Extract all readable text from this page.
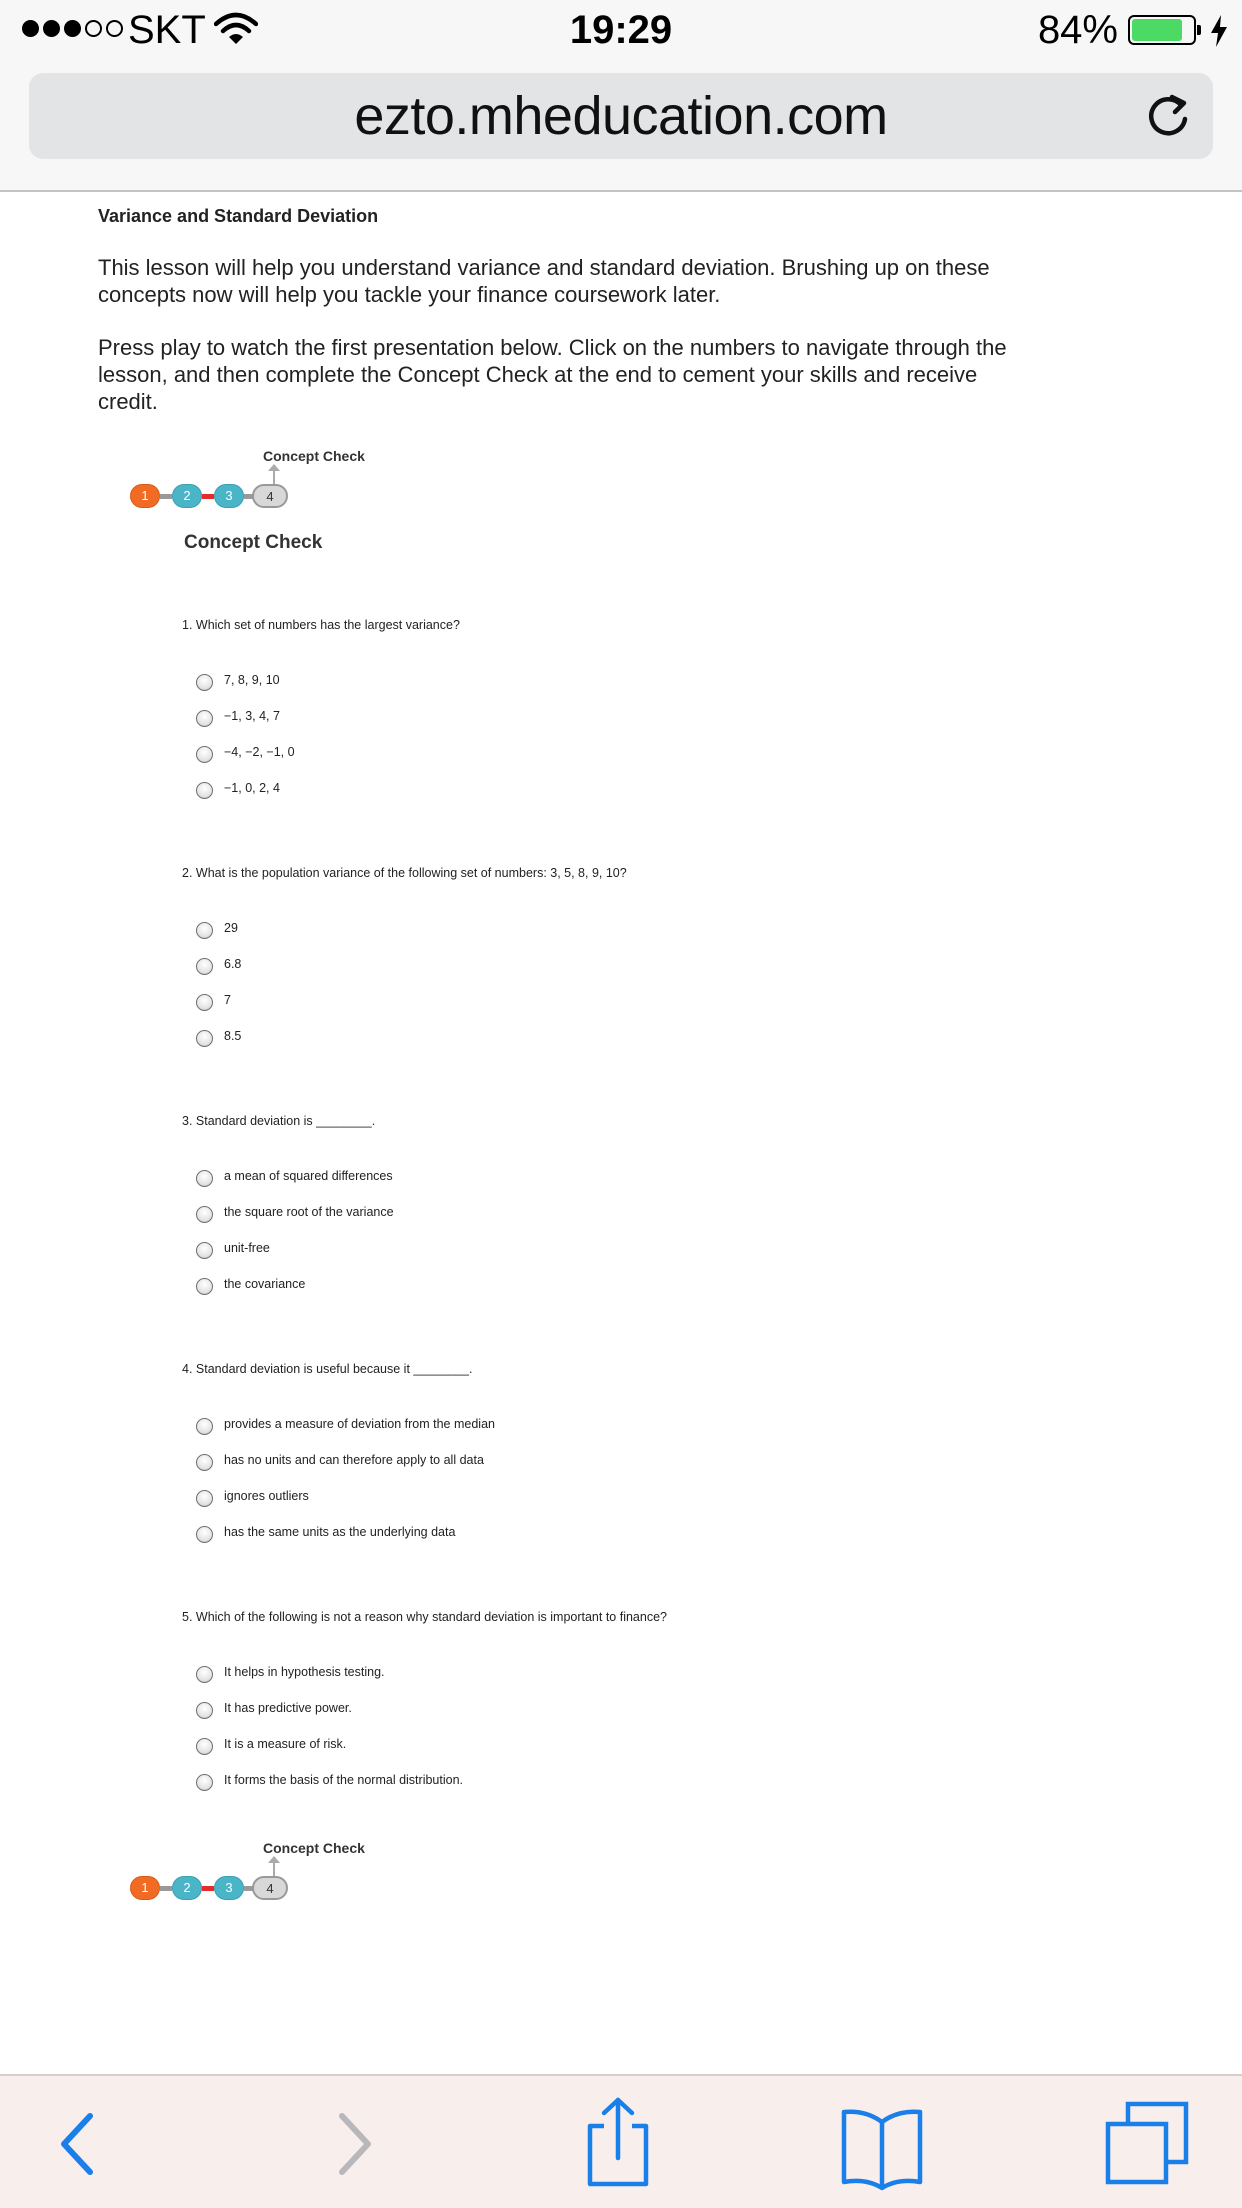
SKT	19:29	84%
ezto.mheducation.com
Variance and Standard Deviation

This lesson will help you understand variance and standard deviation. Brushing up on these concepts now will help you tackle your finance coursework later.

Press play to watch the first presentation below. Click on the numbers to navigate through the lesson, and then complete the Concept Check at the end to cement your skills and receive credit.

Concept Check
1	2	3	4
Concept Check
1. Which set of numbers has the largest variance?
7, 8, 9, 10
−1, 3, 4, 7
−4, −2, −1, 0
−1, 0, 2, 4
2. What is the population variance of the following set of numbers: 3, 5, 8, 9, 10?
29
6.8
7
8.5
3. Standard deviation is ________.
a mean of squared differences
the square root of the variance
unit-free
the covariance
4. Standard deviation is useful because it ________.
provides a measure of deviation from the median
has no units and can therefore apply to all data
ignores outliers
has the same units as the underlying data
5. Which of the following is not a reason why standard deviation is important to finance?
It helps in hypothesis testing.
It has predictive power.
It is a measure of risk.
It forms the basis of the normal distribution.
Concept Check
1	2	3	4
